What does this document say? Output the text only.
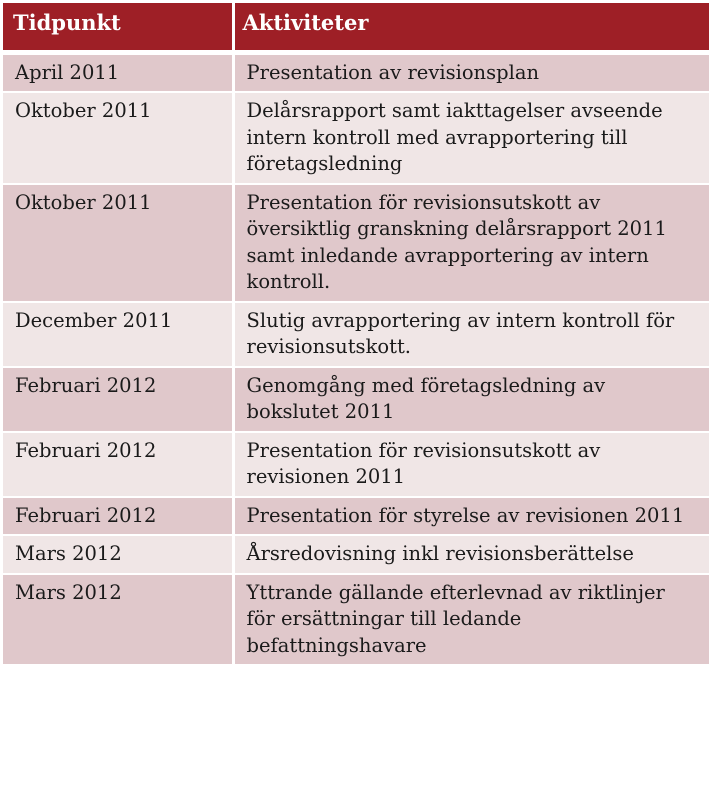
Tidpunkt	Aktiviteter
April 2011	Presentation av revisionsplan
Oktober 2011	Delårsrapport samt iakttagelser avseende intern kontroll med avrapportering till företagsledning
Oktober 2011	Presentation för revisionsutskott av översiktlig granskning delårsrapport 2011 samt inledande avrapportering av intern kontroll.
December 2011	Slutig avrapportering av intern kontroll för revisionsutskott.
Februari 2012	Genomgång med företagsledning av bokslutet 2011
Februari 2012	Presentation för revisionsutskott av revisionen 2011
Februari 2012	Presentation för styrelse av revisionen 2011
Mars 2012	Årsredovisning inkl revisionsberättelse
Mars 2012	Yttrande gällande efterlevnad av riktlinjer för ersättningar till ledande befattningshavare
